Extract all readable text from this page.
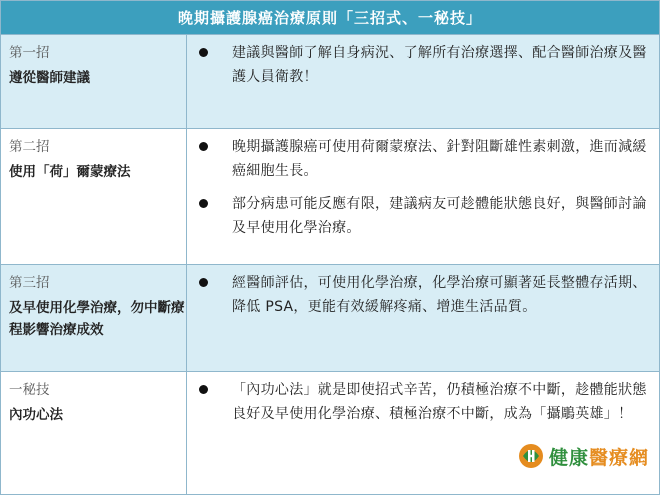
晚期攝護腺癌治療原則「三招式、一秘技」
第一招
遵從醫師建議
建議與醫師了解自身病況、了解所有治療選擇、配合醫師治療及醫護人員衛教！
第二招
使用「荷」爾蒙療法
晚期攝護腺癌可使用荷爾蒙療法、針對阻斷雄性素刺激，進而減緩癌細胞生長。
部分病患可能反應有限，建議病友可趁體能狀態良好，與醫師討論及早使用化學治療。
第三招
及早使用化學治療，勿中斷療程影響治療成效
經醫師評估，可使用化學治療，化學治療可顯著延長整體存活期、降低 PSA，更能有效緩解疼痛、增進生活品質。
一秘技
內功心法
「內功心法」就是即使招式辛苦，仍積極治療不中斷，趁體能狀態良好及早使用化學治療、積極治療不中斷，成為「攝鵰英雄」！
健康醫療網
